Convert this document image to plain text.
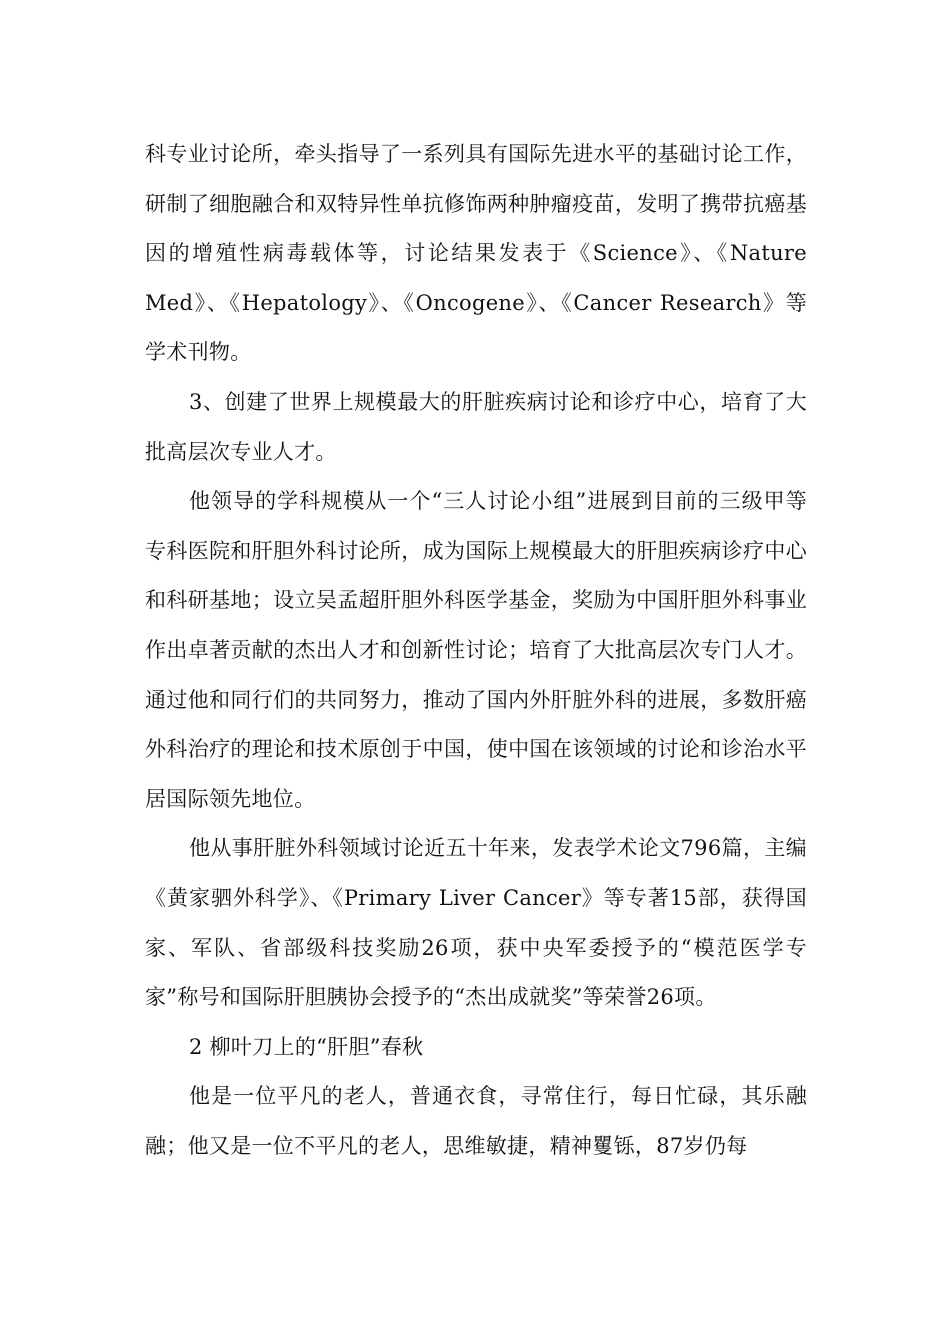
科专业讨论所，牵头指导了一系列具有国际先进水平的基础讨论工作，研制了细胞融合和双特异性单抗修饰两种肿瘤疫苗，发明了携带抗癌基因的增殖性病毒载体等，讨论结果发表于《Science》、《Nature Med》、《Hepatology》、《Oncogene》、《Cancer Research》等学术刊物。

3、创建了世界上规模最大的肝脏疾病讨论和诊疗中心，培育了大批高层次专业人才。

他领导的学科规模从一个“三人讨论小组”进展到目前的三级甲等专科医院和肝胆外科讨论所，成为国际上规模最大的肝胆疾病诊疗中心和科研基地；设立吴孟超肝胆外科医学基金，奖励为中国肝胆外科事业作出卓著贡献的杰出人才和创新性讨论；培育了大批高层次专门人才。通过他和同行们的共同努力，推动了国内外肝脏外科的进展，多数肝癌外科治疗的理论和技术原创于中国，使中国在该领域的讨论和诊治水平居国际领先地位。

他从事肝脏外科领域讨论近五十年来，发表学术论文796篇，主编《黄家驷外科学》、《Primary Liver Cancer》等专著15部，获得国家、军队、省部级科技奖励26项，获中央军委授予的“模范医学专家”称号和国际肝胆胰协会授予的“杰出成就奖”等荣誉26项。

2 柳叶刀上的“肝胆”春秋

他是一位平凡的老人，普通衣食，寻常住行，每日忙碌，其乐融融；他又是一位不平凡的老人，思维敏捷，精神矍铄，87岁仍每
